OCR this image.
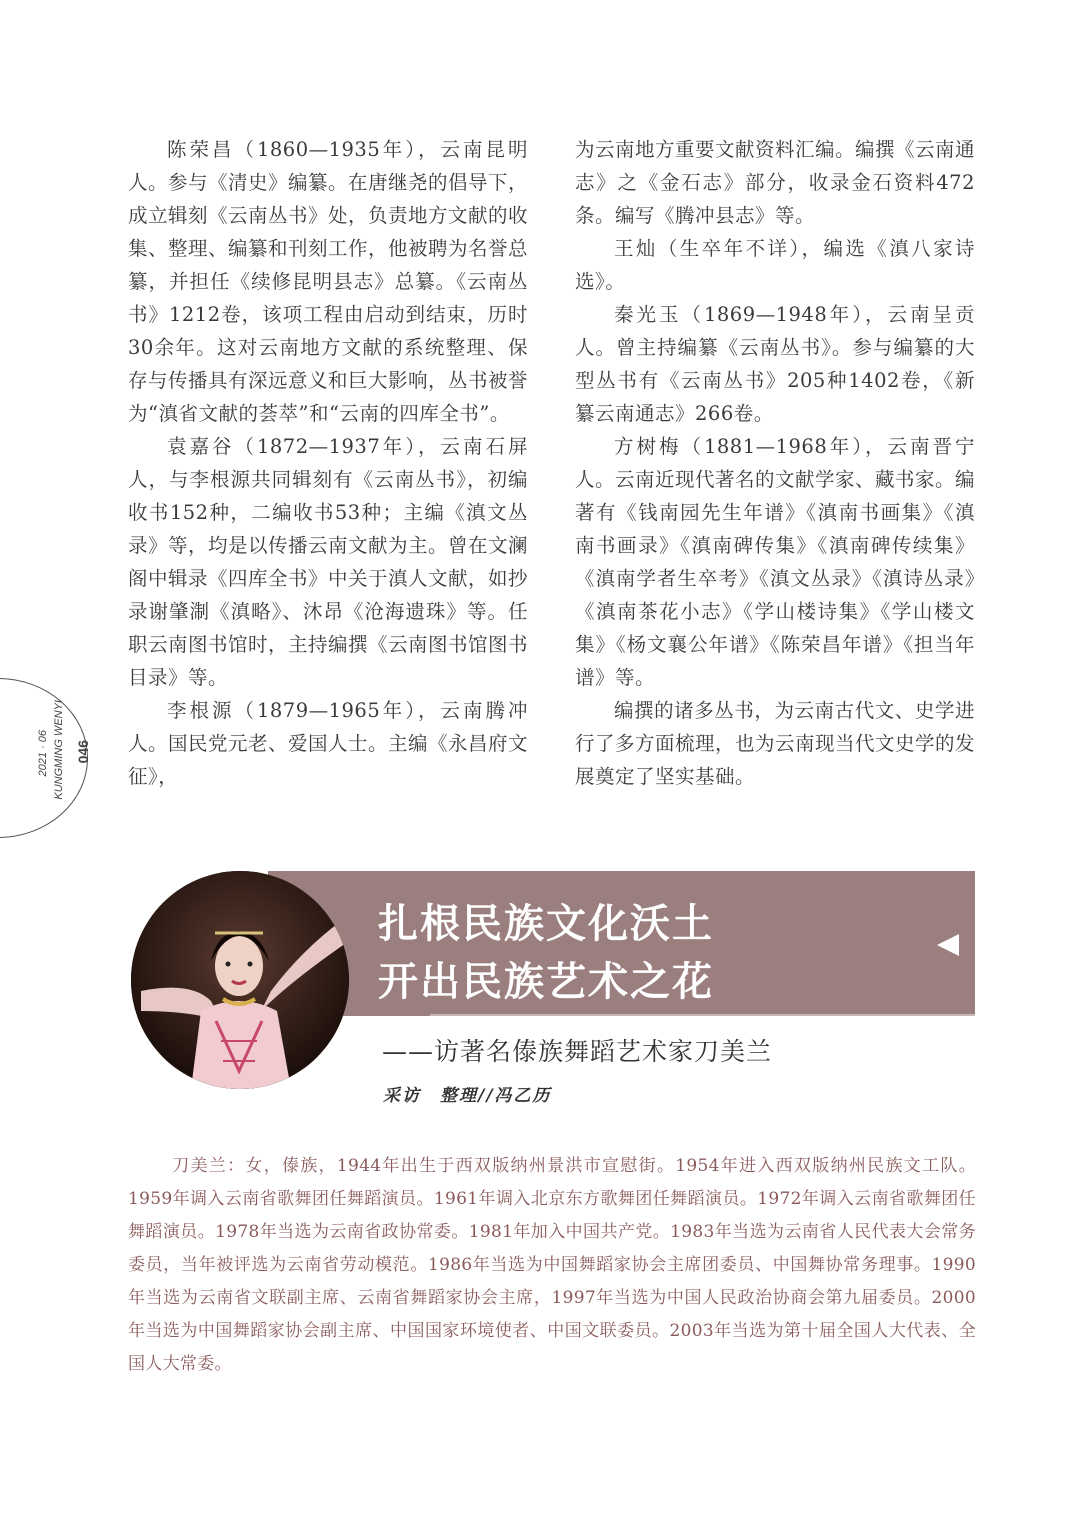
陈荣昌（1860—1935年），云南昆明人。参与《清史》编纂。在唐继尧的倡导下，成立辑刻《云南丛书》处，负责地方文献的收集、整理、编纂和刊刻工作，他被聘为名誉总纂，并担任《续修昆明县志》总纂。《云南丛书》1212卷，该项工程由启动到结束，历时30余年。这对云南地方文献的系统整理、保存与传播具有深远意义和巨大影响，丛书被誉为“滇省文献的荟萃”和“云南的四库全书”。

袁嘉谷（1872—1937年），云南石屏人，与李根源共同辑刻有《云南丛书》，初编收书152种，二编收书53种；主编《滇文丛录》等，均是以传播云南文献为主。曾在文澜阁中辑录《四库全书》中关于滇人文献，如抄录谢肇淛《滇略》、沐昂《沧海遗珠》等。任职云南图书馆时，主持编撰《云南图书馆图书目录》等。

李根源（1879—1965年），云南腾冲人。国民党元老、爱国人士。主编《永昌府文征》，

为云南地方重要文献资料汇编。编撰《云南通志》之《金石志》部分，收录金石资料472条。编写《腾冲县志》等。

王灿（生卒年不详），编选《滇八家诗选》。

秦光玉（1869—1948年），云南呈贡人。曾主持编纂《云南丛书》。参与编纂的大型丛书有《云南丛书》205种1402卷，《新纂云南通志》266卷。

方树梅（1881—1968年），云南晋宁人。云南近现代著名的文献学家、藏书家。编著有《钱南园先生年谱》《滇南书画集》《滇南书画录》《滇南碑传集》《滇南碑传续集》《滇南学者生卒考》《滇文丛录》《滇诗丛录》《滇南茶花小志》《学山楼诗集》《学山楼文集》《杨文襄公年谱》《陈荣昌年谱》《担当年谱》等。

编撰的诸多丛书，为云南古代文、史学进行了多方面梳理，也为云南现当代文史学的发展奠定了坚实基础。

046
KUNGMING WENYI
2021 · 06
扎根民族文化沃土
开出民族艺术之花
——访著名傣族舞蹈艺术家刀美兰
采访　整理//冯乙历

刀美兰：女，傣族，1944年出生于西双版纳州景洪市宣慰街。1954年进入西双版纳州民族文工队。1959年调入云南省歌舞团任舞蹈演员。1961年调入北京东方歌舞团任舞蹈演员。1972年调入云南省歌舞团任舞蹈演员。1978年当选为云南省政协常委。1981年加入中国共产党。1983年当选为云南省人民代表大会常务委员，当年被评选为云南省劳动模范。1986年当选为中国舞蹈家协会主席团委员、中国舞协常务理事。1990年当选为云南省文联副主席、云南省舞蹈家协会主席，1997年当选为中国人民政治协商会第九届委员。2000年当选为中国舞蹈家协会副主席、中国国家环境使者、中国文联委员。2003年当选为第十届全国人大代表、全国人大常委。
